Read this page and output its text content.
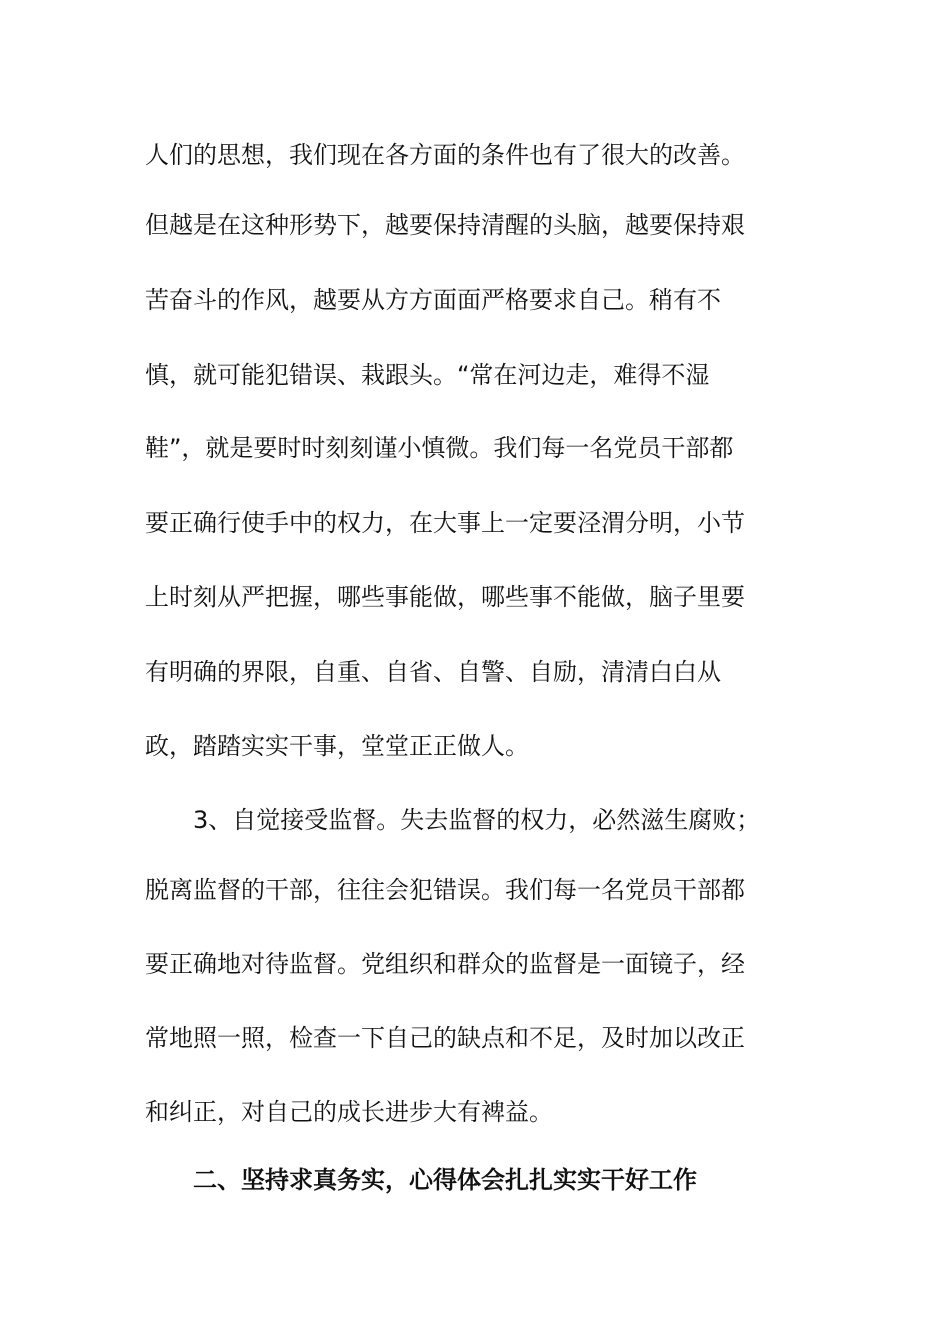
人们的思想，我们现在各方面的条件也有了很大的改善。
但越是在这种形势下，越要保持清醒的头脑，越要保持艰
苦奋斗的作风，越要从方方面面严格要求自己。稍有不
慎，就可能犯错误、栽跟头。“常在河边走，难得不湿
鞋”，就是要时时刻刻谨小慎微。我们每一名党员干部都
要正确行使手中的权力，在大事上一定要泾渭分明，小节
上时刻从严把握，哪些事能做，哪些事不能做，脑子里要
有明确的界限，自重、自省、自警、自励，清清白白从
政，踏踏实实干事，堂堂正正做人。
3、自觉接受监督。失去监督的权力，必然滋生腐败；
脱离监督的干部，往往会犯错误。我们每一名党员干部都
要正确地对待监督。党组织和群众的监督是一面镜子，经
常地照一照，检查一下自己的缺点和不足，及时加以改正
和纠正，对自己的成长进步大有裨益。
二、坚持求真务实，心得体会扎扎实实干好工作
